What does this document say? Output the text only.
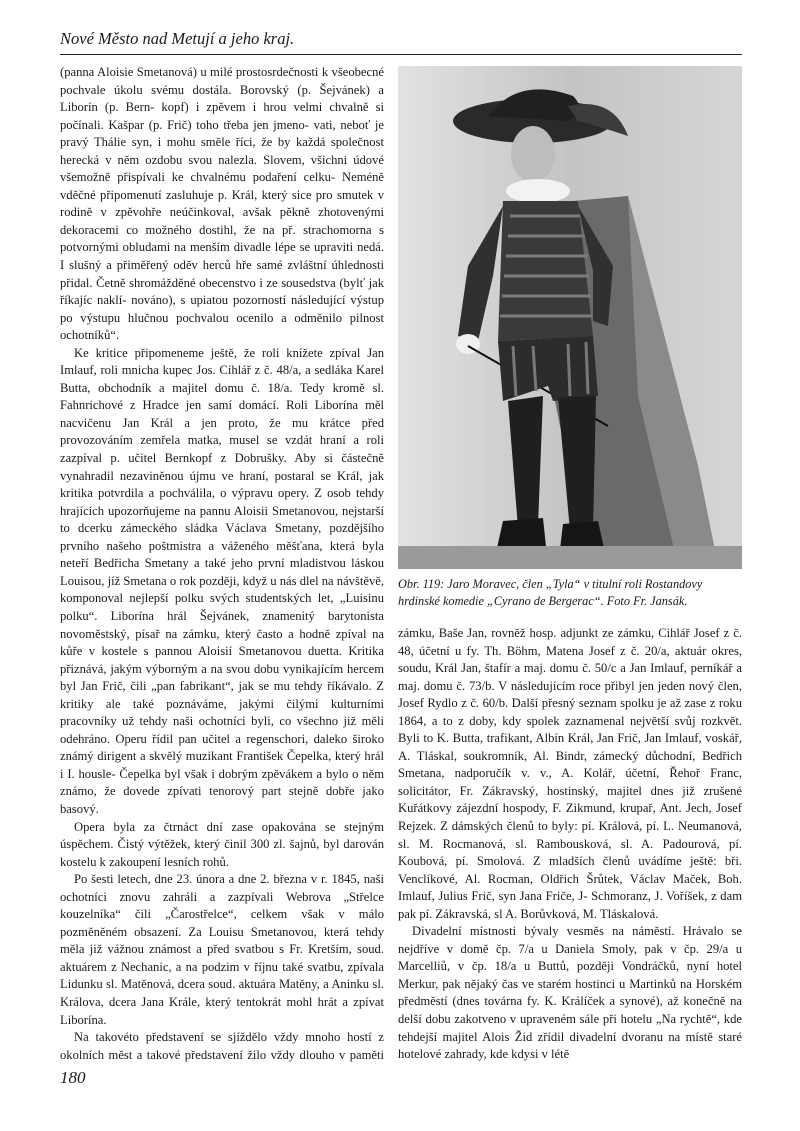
Nové Město nad Metují a jeho kraj.

(panna Aloisie Smetanová) u milé prostosrdečnosti k všeobecné pochvale úkolu svému dostála. Borovský (p. Šejvánek) a Liborín (p. Bern- kopf) i zpěvem i hrou velmi chvalně si počínali. Kašpar (p. Frič) toho třeba jen jmeno- vati, neboť je pravý Thálie syn, i mohu směle říci, že by každá společnost herecká v něm ozdobu svou nalezla. Slovem, všichni údové všemožně přispívali ke chvalnému podaření celku- Neméně vděčné připomenutí zasluhuje p. Král, který sice pro smutek v rodině v zpěvohře neúčinkoval, avšak pěkně zhotovenými dekoracemi co možného dostihl, že na př. strachomorna s potvornými obludami na menším divadle lépe se upraviti nedá. I slušný a přiměřený oděv herců hře samé zvláštní úhlednosti přidal. Četně shromážděné obecenstvo i ze sousedstva (bylť jak říkajíc naklí- nováno), s upiatou pozorností následující výstup po výstupu hlučnou pochvalou ocenilo a odměnilo pilnost ochotníků“.

Ke kritice připomeneme ještě, že roli knížete zpíval Jan Imlauf, roli mnicha kupec Jos. Cihlář z č. 48/a, a sedláka Karel Butta, obchodník a majitel domu č. 18/a. Tedy kromě sl. Fahnrichové z Hradce jen samí domácí. Roli Liborína měl nacvičenu Jan Král a jen proto, že mu krátce před provozováním zemřela matka, musel se vzdát hraní a roli zazpíval p. učitel Bernkopf z Dobrušky. Aby si částečně vynahradil nezaviněnou újmu ve hraní, postaral se Král, jak kritika potvrdila a pochválila, o výpravu opery. Z osob tehdy hrajících upozorňujeme na pannu Aloisii Smetanovou, nejstarší to dcerku zámeckého sládka Václava Smetany, pozdějšího prvního našeho poštmistra a váženého měšťana, která byla neteří Bedřicha Smetany a také jeho první mladistvou láskou Louisou, jíž Smetana o rok později, když u nás dlel na návštěvě, komponoval nejlepší polku svých studentských let, „Luisinu polku“. Liborína hrál Šejvánek, znamenitý barytonista novoměstský, písař na zámku, který často a hodně zpíval na kůře v kostele s pannou Aloisií Smetanovou duetta. Kritika přiznává, jakým výborným a na svou dobu vynikajícím hercem byl Jan Frič, čili „pan fabrikant“, jak se mu tehdy říkávalo. Z kritiky ale také poznáváme, jakými čilými kulturními pracovníky už tehdy naši ochotníci byli, co všechno již měli odehráno. Operu řídil pan učitel a regenschori, daleko široko známý dirigent a skvělý muzikant František Čepelka, který hrál i I. housle- Čepelka byl však i dobrým zpěvákem a bylo o něm známo, že dovede zpívati tenorový part stejně dobře jako basový.

Opera byla za čtrnáct dní zase opakována se stejným úspěchem. Čistý výtěžek, který činil 300 zl. šajnů, byl darován kostelu k zakoupení lesních rohů.

Po šesti letech, dne 23. února a dne 2. března v r. 1845, naši ochotníci znovu zahráli a zazpívali Webrova „Střelce kouzelníka“ čili „Čarostřelce“, celkem však v málo pozměněném obsazení. Za Louisu Smetanovou, která tehdy měla již vážnou známost a před svatbou s Fr. Kretším, soud. aktuárem z Nechanic, a na podzim v říjnu také svatbu, zpívala Lidunku sl. Matěnová, dcera soud. aktuára Matěny, a Aninku sl. Králova, dcera Jana Krále, který tentokrát mohl hrát a zpívat Liborína.

Na takovéto představení se sjíždělo vždy mnoho hostí z okolních měst a takové představení žilo vždy dlouho v paměti

Obr. 119: Jaro Moravec, člen „Tyla“ v titulní roli Rostandovy hrdinské komedie „Cyrano de Bergerac“. Foto Fr. Jansák.

zámku, Baše Jan, rovněž hosp. adjunkt ze zámku, Cihlář Josef z č. 48, účetní u fy. Th. Böhm, Matena Josef z č. 20/a, aktuár okres, soudu, Král Jan, štafír a maj. domu č. 50/c a Jan Imlauf, perníkář a maj. domu č. 73/b. V následujícím roce přibyl jen jeden nový člen, Josef Rydlo z č. 60/b. Další přesný seznam spolku je až zase z roku 1864, a to z doby, kdy spolek zaznamenal největší svůj rozkvět. Byli to K. Butta, trafikant, Albín Král, Jan Frič, Jan Imlauf, voskář, A. Tláskal, soukromník, Al. Bindr, zámecký důchodní, Bedřich Smetana, nadporučík v. v., A. Kolář, účetní, Řehoř Franc, solicitátor, Fr. Zákravský, hostinský, majitel dnes již zrušené Kuřátkovy zájezdní hospody, F. Zikmund, krupař, Ant. Jech, Josef Rejzek. Z dámských členů to byly: pí. Králová, pí. L. Neumanová, sl. M. Rocmanová, sl. Rambousková, sl. A. Padourová, pí. Koubová, pí. Smolová. Z mladších členů uvádíme ještě: bři. Venclíkové, Al. Rocman, Oldřich Šrůtek, Václav Maček, Boh. Imlauf, Julius Frič, syn Jana Friče, J- Schmoranz, J. Voříšek, z dam pak pí. Zákravská, sl A. Borůvková, M. Tláskalová.

Divadelní místnosti bývaly vesměs na náměstí. Hrávalo se nejdříve v domě čp. 7/a u Daniela Smoly, pak v čp. 29/a u Marcelliů, v čp. 18/a u Buttů, později Vondráčků, nyní hotel Merkur, pak nějaký čas ve starém hostinci u Martinků na Horském předměstí (dnes továrna fy. K. Králíček a synové), až konečně na delší dobu zakotveno v upraveném sále při hotelu „Na rychtě“, kde tehdejší majitel Alois Žid zřídil divadelní dvoranu na místě staré hotelové zahrady, kde kdysi v létě

180
